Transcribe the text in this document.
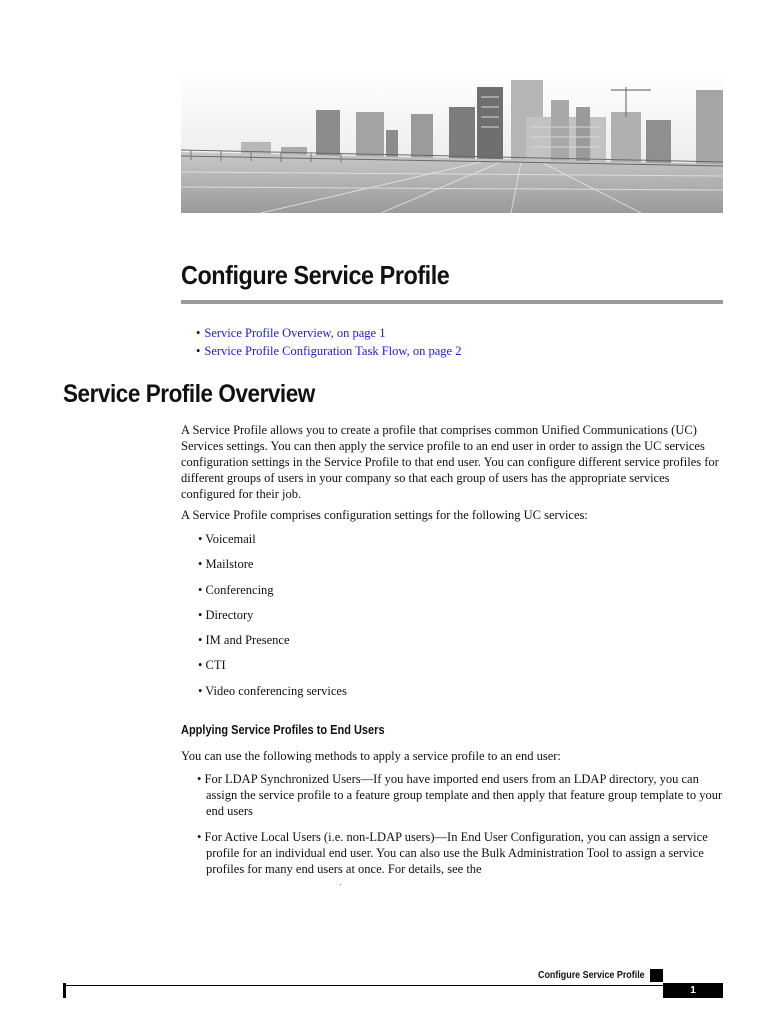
Configure Service Profile
• Service Profile Overview, on page 1
• Service Profile Configuration Task Flow, on page 2
Service Profile Overview

A Service Profile allows you to create a profile that comprises common Unified Communications (UC) Services settings. You can then apply the service profile to an end user in order to assign the UC services configuration settings in the Service Profile to that end user. You can configure different service profiles for different groups of users in your company so that each group of users has the appropriate services configured for their job.

A Service Profile comprises configuration settings for the following UC services:

• Voicemail
• Mailstore
• Conferencing
• Directory
• IM and Presence
• CTI
• Video conferencing services
Applying Service Profiles to End Users

You can use the following methods to apply a service profile to an end user:

• For LDAP Synchronized Users—If you have imported end users from an LDAP directory, you can assign the service profile to a feature group template and then apply that feature group template to your end users
• For Active Local Users (i.e. non-LDAP users)—In End User Configuration, you can assign a service profile for an individual end user. You can also use the Bulk Administration Tool to assign a service profiles for many end users at once. For details, see the
Configure Service Profile
1
